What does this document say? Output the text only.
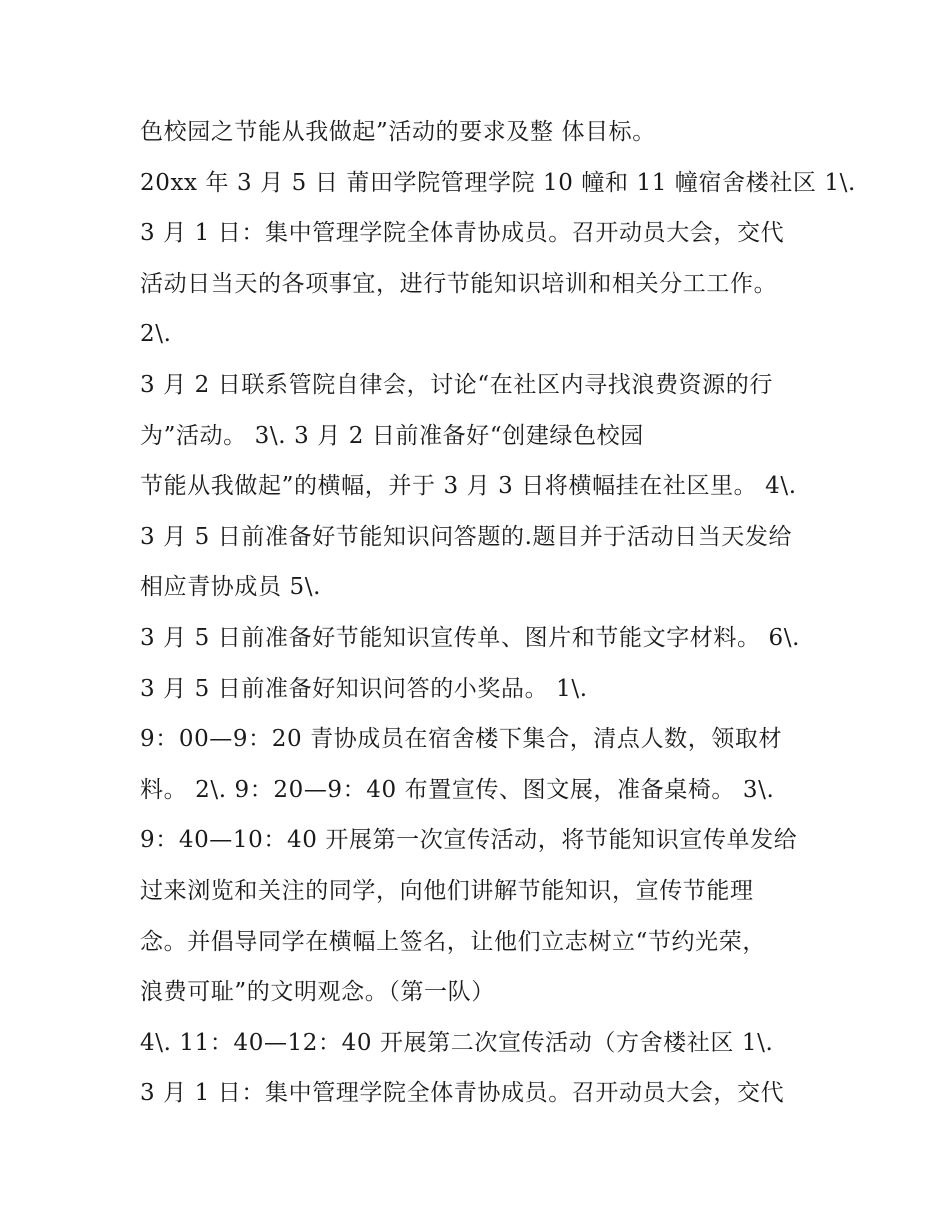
色校园之节能从我做起”活动的要求及整 体目标。
20xx 年 3 月 5 日 莆田学院管理学院 10 幢和 11 幢宿舍楼社区 1\.
3 月 1 日：集中管理学院全体青协成员。召开动员大会，交代
活动日当天的各项事宜，进行节能知识培训和相关分工工作。
2\.
3 月 2 日联系管院自律会，讨论“在社区内寻找浪费资源的行
为”活动。 3\. 3 月 2 日前准备好“创建绿色校园
节能从我做起”的横幅，并于 3 月 3 日将横幅挂在社区里。 4\.
3 月 5 日前准备好节能知识问答题的.题目并于活动日当天发给
相应青协成员 5\.
3 月 5 日前准备好节能知识宣传单、图片和节能文字材料。 6\.
3 月 5 日前准备好知识问答的小奖品。 1\.
9：00—9：20 青协成员在宿舍楼下集合，清点人数，领取材
料。 2\. 9：20—9：40 布置宣传、图文展，准备桌椅。 3\.
9：40—10：40 开展第一次宣传活动，将节能知识宣传单发给
过来浏览和关注的同学，向他们讲解节能知识，宣传节能理
念。并倡导同学在横幅上签名，让他们立志树立“节约光荣，
浪费可耻”的文明观念。（第一队）
4\. 11：40—12：40 开展第二次宣传活动（方舍楼社区 1\.
3 月 1 日：集中管理学院全体青协成员。召开动员大会，交代
